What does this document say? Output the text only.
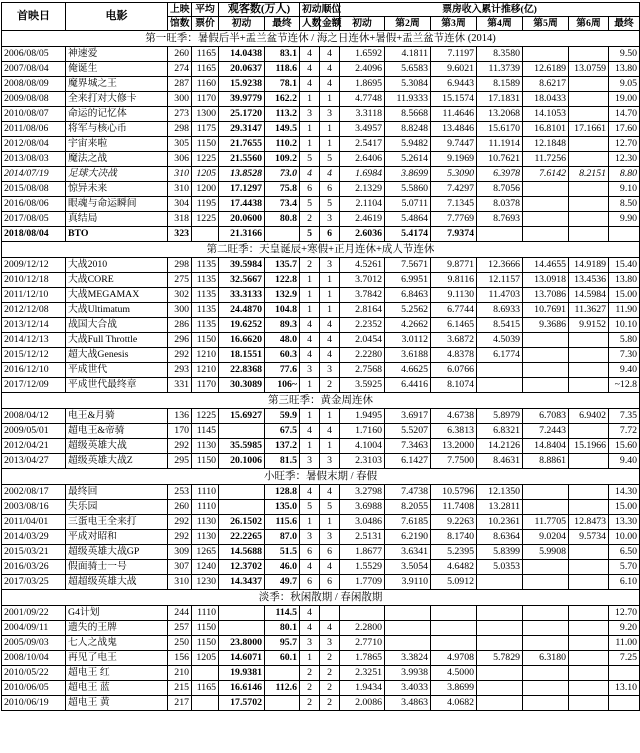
首映日	电影	上映	平均	观客数(万人)		初动顺位		票房收入累计推移(亿)						
		馆数	票价	初动	最终	人数	金额	初动	第2周	第3周	第4周	第5周	第6周	最终
第一旺季：暑假后半+盂兰盆节连休 / 海之日连休+暑假+盂兰盆节连休 (2014)														
2006/08/05	神速爱	260	1165	14.0438	83.1	4	4	1.6592	4.1811	7.1197	8.3580			9.50
2007/08/04	俺诞生	274	1165	20.0637	118.6	4	4	2.4096	5.6583	9.6021	11.3739	12.6189	13.0759	13.80
2008/08/09	魔界城之王	287	1160	15.9238	78.1	4	4	1.8695	5.3084	6.9443	8.1589	8.6217		9.05
2009/08/08	全来打对大修卡	300	1170	39.9779	162.2	1	1	4.7748	11.9333	15.1574	17.1831	18.0433		19.00
2010/08/07	命运的记忆体	273	1300	25.1720	113.2	3	3	3.3118	8.5668	11.4646	13.2068	14.1053		14.70
2011/08/06	将军与核心币	298	1175	29.3147	149.5	1	1	3.4957	8.8248	13.4846	15.6170	16.8101	17.1661	17.60
2012/08/04	宇宙来啦	305	1150	21.7655	110.2	1	1	2.5417	5.9482	9.7447	11.1914	12.1848		12.70
2013/08/03	魔法之战	306	1225	21.5560	109.2	5	5	2.6406	5.2614	9.1969	10.7621	11.7256		12.30
2014/07/19	足球大决战	310	1205	13.8528	73.0	4	4	1.6984	3.8699	5.3090	6.3978	7.6142	8.2151	8.80
2015/08/08	惊异未来	310	1200	17.1297	75.8	6	6	2.1329	5.5860	7.4297	8.7056			9.10
2016/08/06	眼魂与命运瞬间	304	1195	17.4438	73.4	5	5	2.1104	5.0711	7.1345	8.0378			8.50
2017/08/05	真结局	318	1225	20.0600	80.8	2	3	2.4619	5.4864	7.7769	8.7693			9.90
2018/08/04	BTO	323		21.3166		5	6	2.6036	5.4174	7.9374				
第二旺季：天皇诞辰+寒假+正月连休+成人节连休														
2009/12/12	大战2010	298	1135	39.5984	135.7	2	3	4.5261	7.5671	9.8771	12.3666	14.4655	14.9189	15.40
2010/12/18	大战CORE	275	1135	32.5667	122.8	1	1	3.7012	6.9951	9.8116	12.1157	13.0918	13.4536	13.80
2011/12/10	大战MEGAMAX	302	1135	33.3133	132.9	1	1	3.7842	6.8463	9.1130	11.4703	13.7086	14.5984	15.00
2012/12/08	大战Ultimatum	300	1135	24.4870	104.8	1	1	2.8164	5.2562	6.7744	8.6933	10.7691	11.3627	11.90
2013/12/14	战国大合战	286	1135	19.6252	89.3	4	4	2.2352	4.2662	6.1465	8.5415	9.3686	9.9152	10.10
2014/12/13	大战Full Throttle	296	1150	16.6620	48.0	4	4	2.0454	3.0112	3.6872	4.5039			5.80
2015/12/12	超大战Genesis	292	1210	18.1551	60.3	4	4	2.2280	3.6188	4.8378	6.1774			7.30
2016/12/10	平成世代	293	1210	22.8368	77.6	3	3	2.7568	4.6625	6.0766				9.40
2017/12/09	平成世代最终章	331	1170	30.3089	106~	1	2	3.5925	6.4416	8.1074				~12.8
第三旺季：黄金周连休														
2008/04/12	电王&月骑	136	1225	15.6927	59.9	1	1	1.9495	3.6917	4.6738	5.8979	6.7083	6.9402	7.35
2009/05/01	超电王&帝骑	170	1145		67.5	4	4	1.7160	5.5207	6.3813	6.8321	7.2443		7.72
2012/04/21	超级英雄大战	292	1130	35.5985	137.2	1	1	4.1004	7.3463	13.2000	14.2126	14.8404	15.1966	15.60
2013/04/27	超级英雄大战Z	295	1150	20.1006	81.5	3	3	2.3103	6.1427	7.7500	8.4631	8.8861		9.40
小旺季：暑假末期 / 春假														
2002/08/17	最终回	253	1110		128.8	4	4	3.2798	7.4738	10.5796	12.1350			14.30
2003/08/16	失乐园	260	1110		135.0	5	5	3.6988	8.2055	11.7408	13.2811			15.00
2011/04/01	三蛋电王全来打	292	1130	26.1502	115.6	1	1	3.0486	7.6185	9.2263	10.2361	11.7705	12.8473	13.30
2014/03/29	平成对昭和	292	1130	22.2265	87.0	3	3	2.5131	6.2190	8.1740	8.6364	9.0204	9.5734	10.00
2015/03/21	超级英雄大战GP	309	1265	14.5688	51.5	6	6	1.8677	3.6341	5.2395	5.8399	5.9908		6.50
2016/03/26	假面骑士一号	307	1240	12.3702	46.0	4	4	1.5529	3.5054	4.6482	5.0353			5.70
2017/03/25	超超级英雄大战	310	1230	14.3437	49.7	6	6	1.7709	3.9110	5.0912				6.10
淡季：秋闲散期 / 春闲散期														
2001/09/22	G4计划	244	1110		114.5	4								12.70
2004/09/11	遗失的王牌	257	1150		80.1	4	4	2.2800						9.20
2005/09/03	七人之战鬼	250	1150	23.8000	95.7	3	3	2.7710						11.00
2008/10/04	再见了电王	156	1205	14.6071	60.1	1	2	1.7865	3.3824	4.9708	5.7829	6.3180		7.25
2010/05/22	超电王 红	210		19.9381		2	2	2.3251	3.9938	4.5000				
2010/06/05	超电王 蓝	215	1165	16.6146	112.6	2	2	1.9434	3.4033	3.8699				13.10
2010/06/19	超电王 黄	217		17.5702		2	2	2.0086	3.4863	4.0682				
